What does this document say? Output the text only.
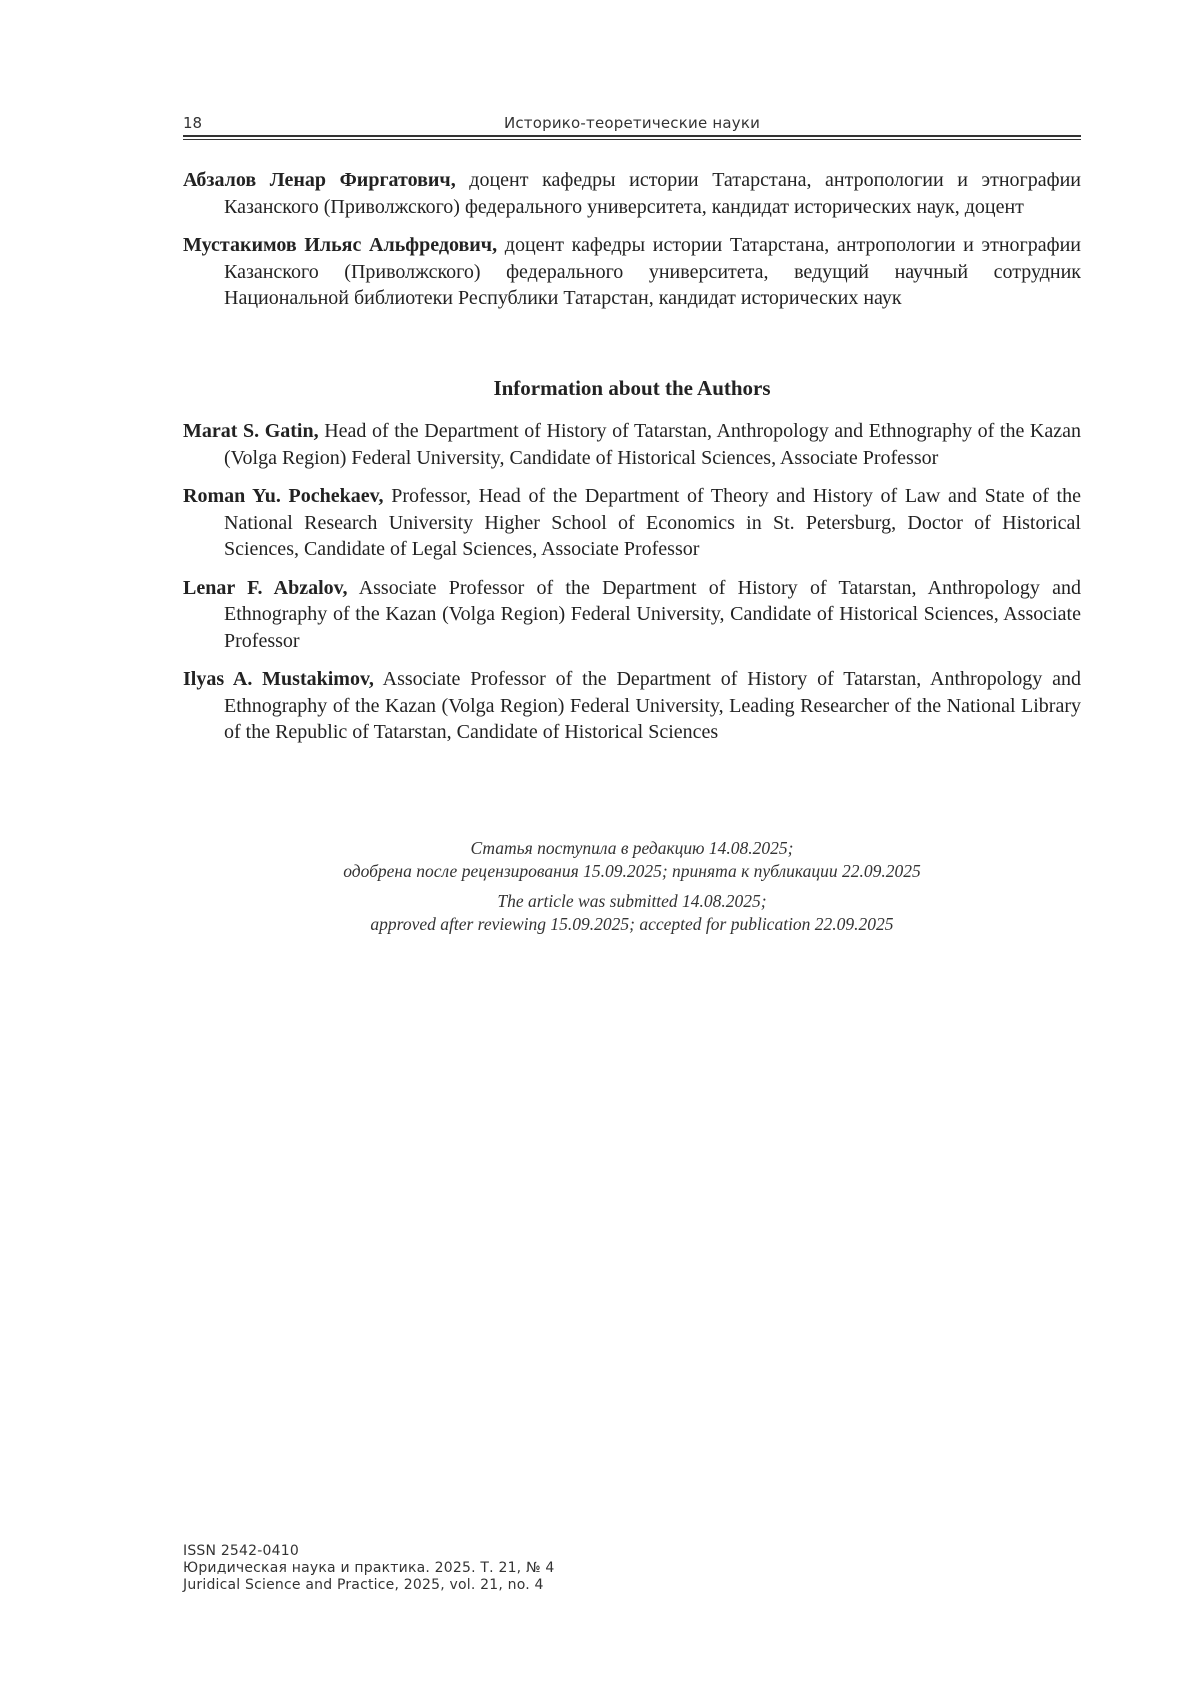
18	Историко-теоретические науки

Абзалов Ленар Фиргатович, доцент кафедры истории Татарстана, антропологии и этнографии Казанского (Приволжского) федерального университета, кандидат исторических наук, доцент

Мустакимов Ильяс Альфредович, доцент кафедры истории Татарстана, антропологии и этнографии Казанского (Приволжского) федерального университета, ведущий научный сотрудник Национальной библиотеки Республики Татарстан, кандидат исторических наук

Information about the Authors

Marat S. Gatin, Head of the Department of History of Tatarstan, Anthropology and Ethnography of the Kazan (Volga Region) Federal University, Candidate of Historical Sciences, Associate Professor

Roman Yu. Pochekaev, Professor, Head of the Department of Theory and History of Law and State of the National Research University Higher School of Economics in St. Petersburg, Doctor of Historical Sciences, Candidate of Legal Sciences, Associate Professor

Lenar F. Abzalov, Associate Professor of the Department of History of Tatarstan, Anthropology and Ethnography of the Kazan (Volga Region) Federal University, Candidate of Historical Sciences, Associate Professor

Ilyas A. Mustakimov, Associate Professor of the Department of History of Tatarstan, Anthropology and Ethnography of the Kazan (Volga Region) Federal University, Leading Researcher of the National Library of the Republic of Tatarstan, Candidate of Historical Sciences

Статья поступила в редакцию 14.08.2025;
одобрена после рецензирования 15.09.2025; принята к публикации 22.09.2025
The article was submitted 14.08.2025;
approved after reviewing 15.09.2025; accepted for publication 22.09.2025
ISSN 2542-0410
Юридическая наука и практика. 2025. Т. 21, № 4
Juridical Science and Practice, 2025, vol. 21, no. 4
